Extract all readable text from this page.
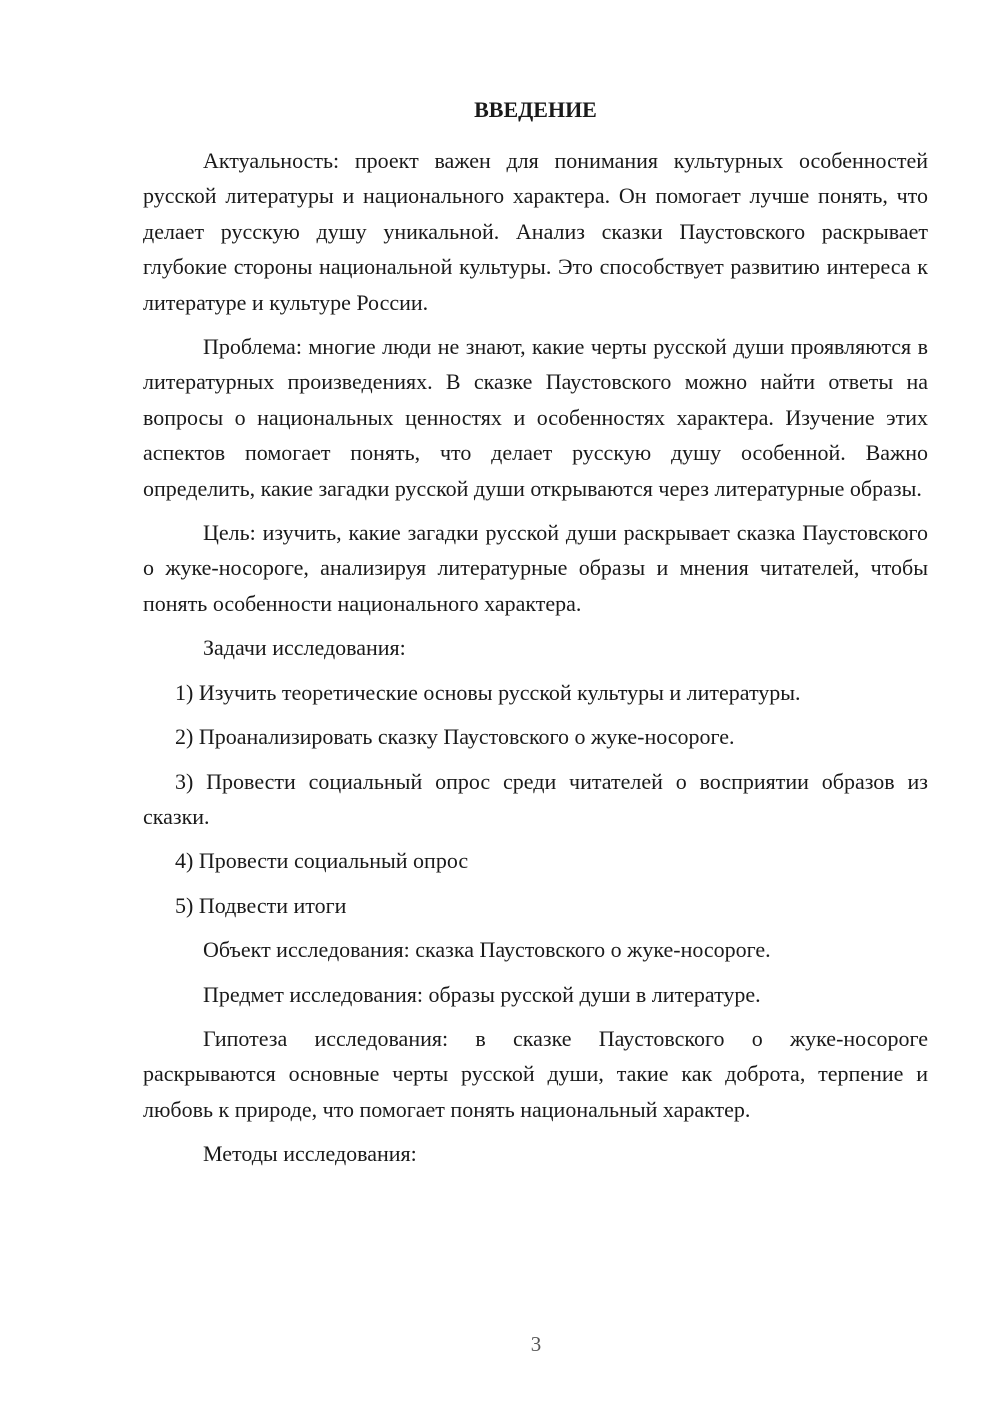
ВВЕДЕНИЕ

Актуальность: проект важен для понимания культурных особенностей русской литературы и национального характера. Он помогает лучше понять, что делает русскую душу уникальной. Анализ сказки Паустовского раскрывает глубокие стороны национальной культуры. Это способствует развитию интереса к литературе и культуре России.

Проблема: многие люди не знают, какие черты русской души проявляются в литературных произведениях. В сказке Паустовского можно найти ответы на вопросы о национальных ценностях и особенностях характера. Изучение этих аспектов помогает понять, что делает русскую душу особенной. Важно определить, какие загадки русской души открываются через литературные образы.

Цель: изучить, какие загадки русской души раскрывает сказка Паустовского о жуке-носороге, анализируя литературные образы и мнения читателей, чтобы понять особенности национального характера.

Задачи исследования:

1) Изучить теоретические основы русской культуры и литературы.

2) Проанализировать сказку Паустовского о жуке-носороге.

3) Провести социальный опрос среди читателей о восприятии образов из сказки.

4) Провести социальный опрос

5) Подвести итоги

Объект исследования: сказка Паустовского о жуке-носороге.

Предмет исследования: образы русской души в литературе.

Гипотеза исследования: в сказке Паустовского о жуке-носороге раскрываются основные черты русской души, такие как доброта, терпение и любовь к природе, что помогает понять национальный характер.

Методы исследования:

3
